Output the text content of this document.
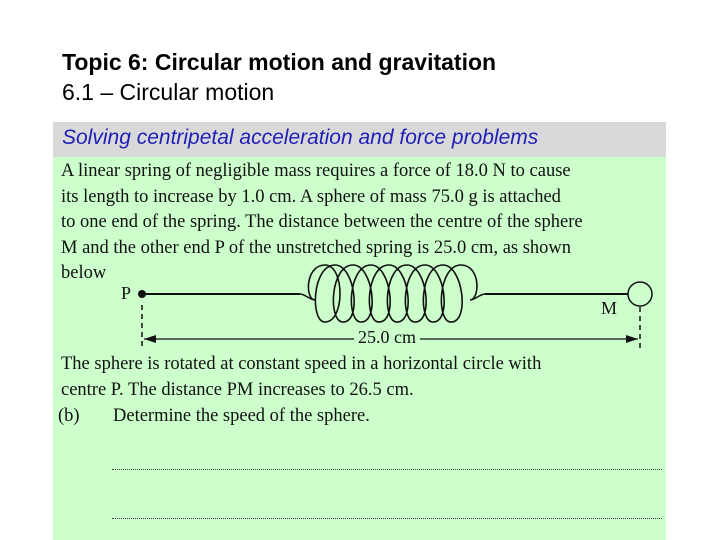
Topic 6: Circular motion and gravitation
6.1 – Circular motion
Solving centripetal acceleration and force problems
A linear spring of negligible mass requires a force of 18.0 N to cause
its length to increase by 1.0 cm. A sphere of mass 75.0 g is attached
to one end of the spring. The distance between the centre of the sphere
M and the other end P of the unstretched spring is 25.0 cm, as shown
below
P
M
25.0 cm
The sphere is rotated at constant speed in a horizontal circle with
centre P. The distance PM increases to 26.5 cm.
(b) Determine the speed of the sphere.
